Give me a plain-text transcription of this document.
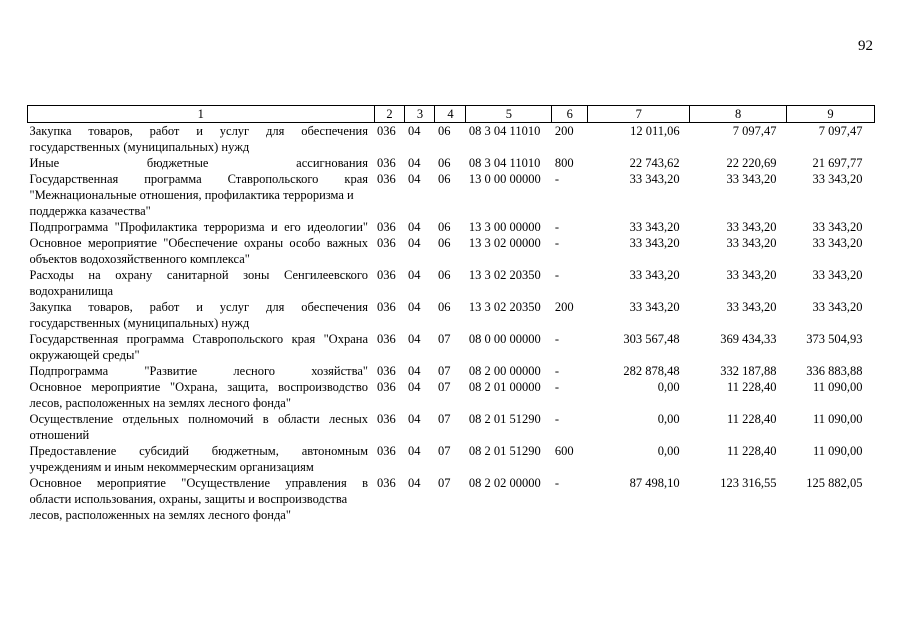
92
1	2	3	4	5	6	7	8	9
Закупка товаров, работ и услуг для обеспечения
государственных (муниципальных) нужд	036	04	06	08 3 04 11010	200	12 011,06	7 097,47	7 097,47
Иные бюджетные ассигнования	036	04	06	08 3 04 11010	800	22 743,62	22 220,69	21 697,77
Государственная программа Ставропольского края
"Межнациональные отношения, профилактика терроризма и поддержка казачества"	036	04	06	13 0 00 00000	-	33 343,20	33 343,20	33 343,20
Подпрограмма "Профилактика терроризма и его идеологии"	036	04	06	13 3 00 00000	-	33 343,20	33 343,20	33 343,20
Основное мероприятие "Обеспечение охраны особо важных
объектов водохозяйственного комплекса"	036	04	06	13 3 02 00000	-	33 343,20	33 343,20	33 343,20
Расходы на охрану санитарной зоны Сенгилеевского
водохранилища	036	04	06	13 3 02 20350	-	33 343,20	33 343,20	33 343,20
Закупка товаров, работ и услуг для обеспечения
государственных (муниципальных) нужд	036	04	06	13 3 02 20350	200	33 343,20	33 343,20	33 343,20
Государственная программа Ставропольского края "Охрана
окружающей среды"	036	04	07	08 0 00 00000	-	303 567,48	369 434,33	373 504,93
Подпрограмма "Развитие лесного хозяйства"	036	04	07	08 2 00 00000	-	282 878,48	332 187,88	336 883,88
Основное мероприятие "Охрана, защита, воспроизводство
лесов, расположенных на землях лесного фонда"	036	04	07	08 2 01 00000	-	0,00	11 228,40	11 090,00
Осуществление отдельных полномочий в области лесных
отношений	036	04	07	08 2 01 51290	-	0,00	11 228,40	11 090,00
Предоставление субсидий бюджетным, автономным
учреждениям и иным некоммерческим организациям	036	04	07	08 2 01 51290	600	0,00	11 228,40	11 090,00
Основное мероприятие "Осуществление управления в
области использования, охраны, защиты и воспроизводства лесов, расположенных на землях лесного фонда"	036	04	07	08 2 02 00000	-	87 498,10	123 316,55	125 882,05
